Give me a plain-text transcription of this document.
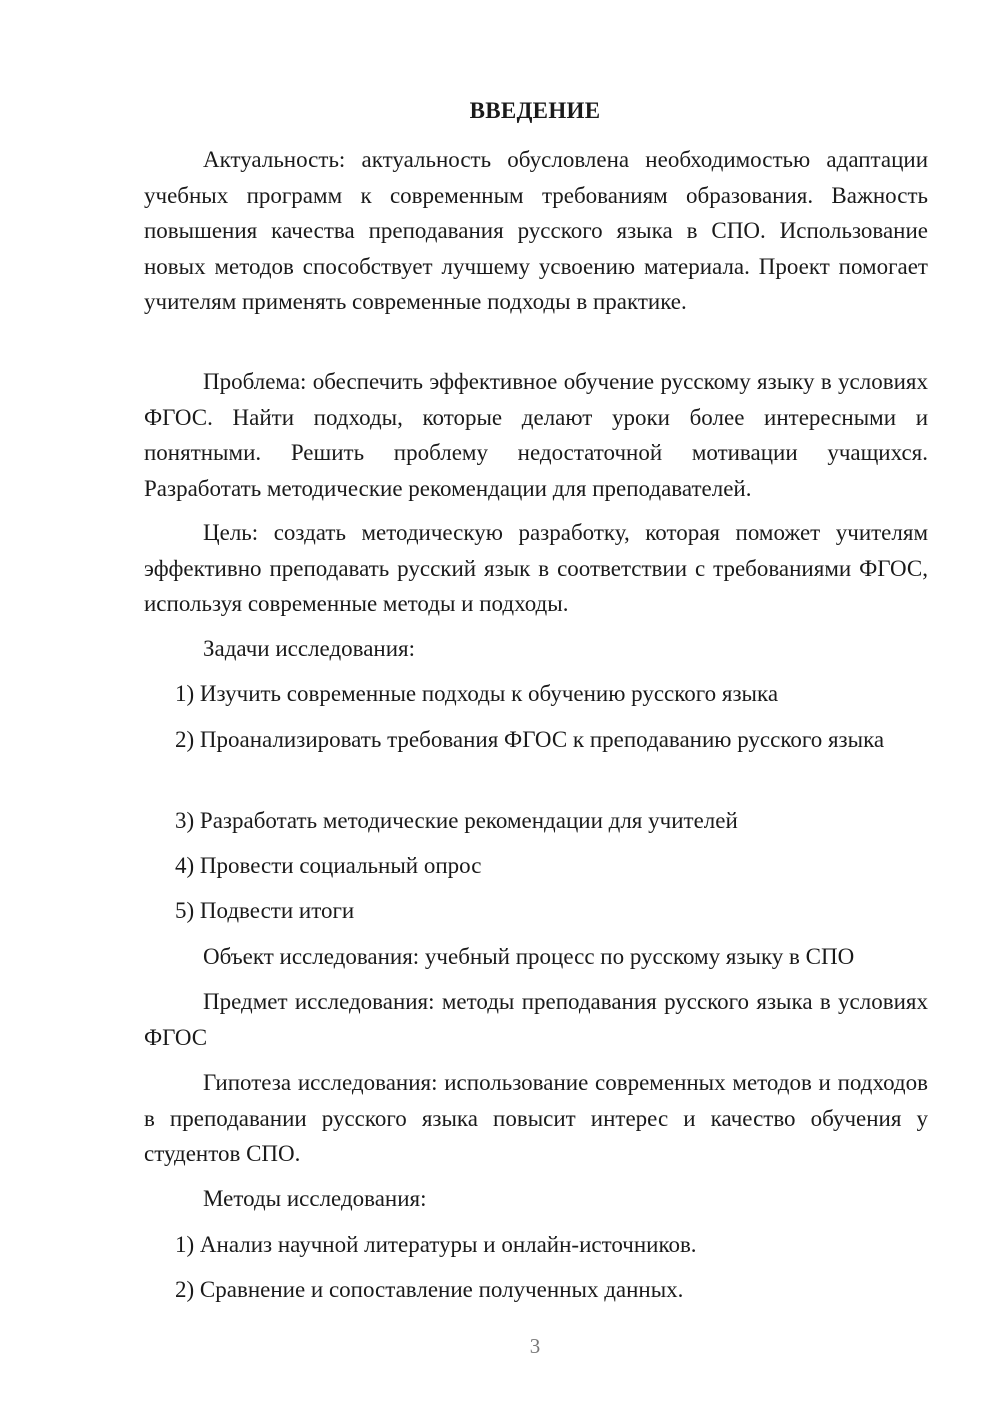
ВВЕДЕНИЕ

Актуальность: актуальность обусловлена необходимостью адаптации учебных программ к современным требованиям образования. Важность повышения качества преподавания русского языка в СПО. Использование новых методов способствует лучшему усвоению материала. Проект помогает учителям применять современные подходы в практике.

Проблема: обеспечить эффективное обучение русскому языку в условиях ФГОС. Найти подходы, которые делают уроки более интересными и понятными. Решить проблему недостаточной мотивации учащихся. Разработать методические рекомендации для преподавателей.

Цель: создать методическую разработку, которая поможет учителям эффективно преподавать русский язык в соответствии с требованиями ФГОС, используя современные методы и подходы.

Задачи исследования:

1) Изучить современные подходы к обучению русского языка

2) Проанализировать требования ФГОС к преподаванию русского языка

3) Разработать методические рекомендации для учителей

4) Провести социальный опрос

5) Подвести итоги

Объект исследования: учебный процесс по русскому языку в СПО

Предмет исследования: методы преподавания русского языка в условиях ФГОС

Гипотеза исследования: использование современных методов и подходов в преподавании русского языка повысит интерес и качество обучения у студентов СПО.

Методы исследования:

1) Анализ научной литературы и онлайн-источников.

2) Сравнение и сопоставление полученных данных.

3
